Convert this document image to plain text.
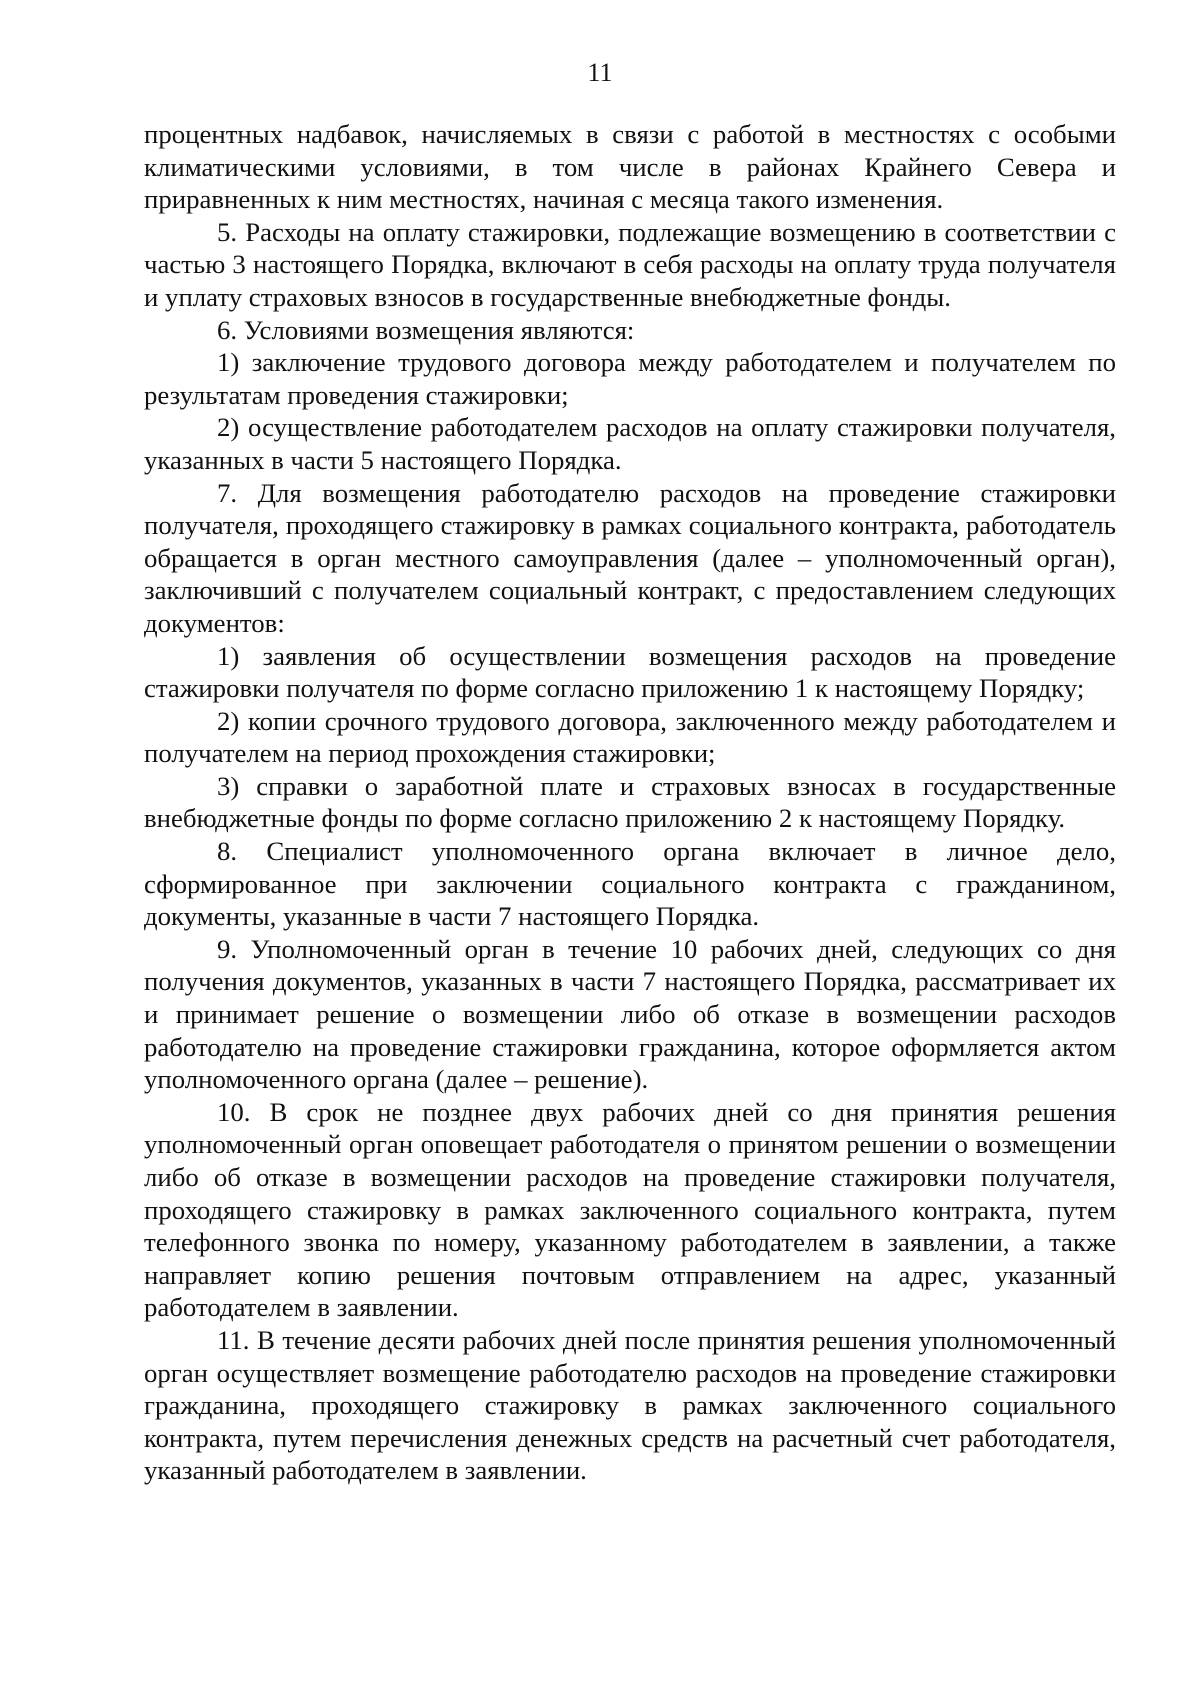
11

процентных надбавок, начисляемых в связи с работой в местностях с особыми климатическими условиями, в том числе в районах Крайнего Севера и приравненных к ним местностях, начиная с месяца такого изменения.

5. Расходы на оплату стажировки, подлежащие возмещению в соответствии с частью 3 настоящего Порядка, включают в себя расходы на оплату труда получателя и уплату страховых взносов в государственные внебюджетные фонды.

6. Условиями возмещения являются:

1) заключение трудового договора между работодателем и получателем по результатам проведения стажировки;

2) осуществление работодателем расходов на оплату стажировки получателя, указанных в части 5 настоящего Порядка.

7. Для возмещения работодателю расходов на проведение стажировки получателя, проходящего стажировку в рамках социального контракта, работодатель обращается в орган местного самоуправления (далее – уполномоченный орган), заключивший с получателем социальный контракт, с предоставлением следующих документов:

1) заявления об осуществлении возмещения расходов на проведение стажировки получателя по форме согласно приложению 1 к настоящему Порядку;

2) копии срочного трудового договора, заключенного между работодателем и получателем на период прохождения стажировки;

3) справки о заработной плате и страховых взносах в государственные внебюджетные фонды по форме согласно приложению 2 к настоящему Порядку.

8. Специалист уполномоченного органа включает в личное дело, сформированное при заключении социального контракта с гражданином, документы, указанные в части 7 настоящего Порядка.

9. Уполномоченный орган в течение 10 рабочих дней, следующих со дня получения документов, указанных в части 7 настоящего Порядка, рассматривает их и принимает решение о возмещении либо об отказе в возмещении расходов работодателю на проведение стажировки гражданина, которое оформляется актом уполномоченного органа (далее – решение).

10. В срок не позднее двух рабочих дней со дня принятия решения уполномоченный орган оповещает работодателя о принятом решении о возмещении либо об отказе в возмещении расходов на проведение стажировки получателя, проходящего стажировку в рамках заключенного социального контракта, путем телефонного звонка по номеру, указанному работодателем в заявлении, а также направляет копию решения почтовым отправлением на адрес, указанный работодателем в заявлении.

11. В течение десяти рабочих дней после принятия решения уполномоченный орган осуществляет возмещение работодателю расходов на проведение стажировки гражданина, проходящего стажировку в рамках заключенного социального контракта, путем перечисления денежных средств на расчетный счет работодателя, указанный работодателем в заявлении.
